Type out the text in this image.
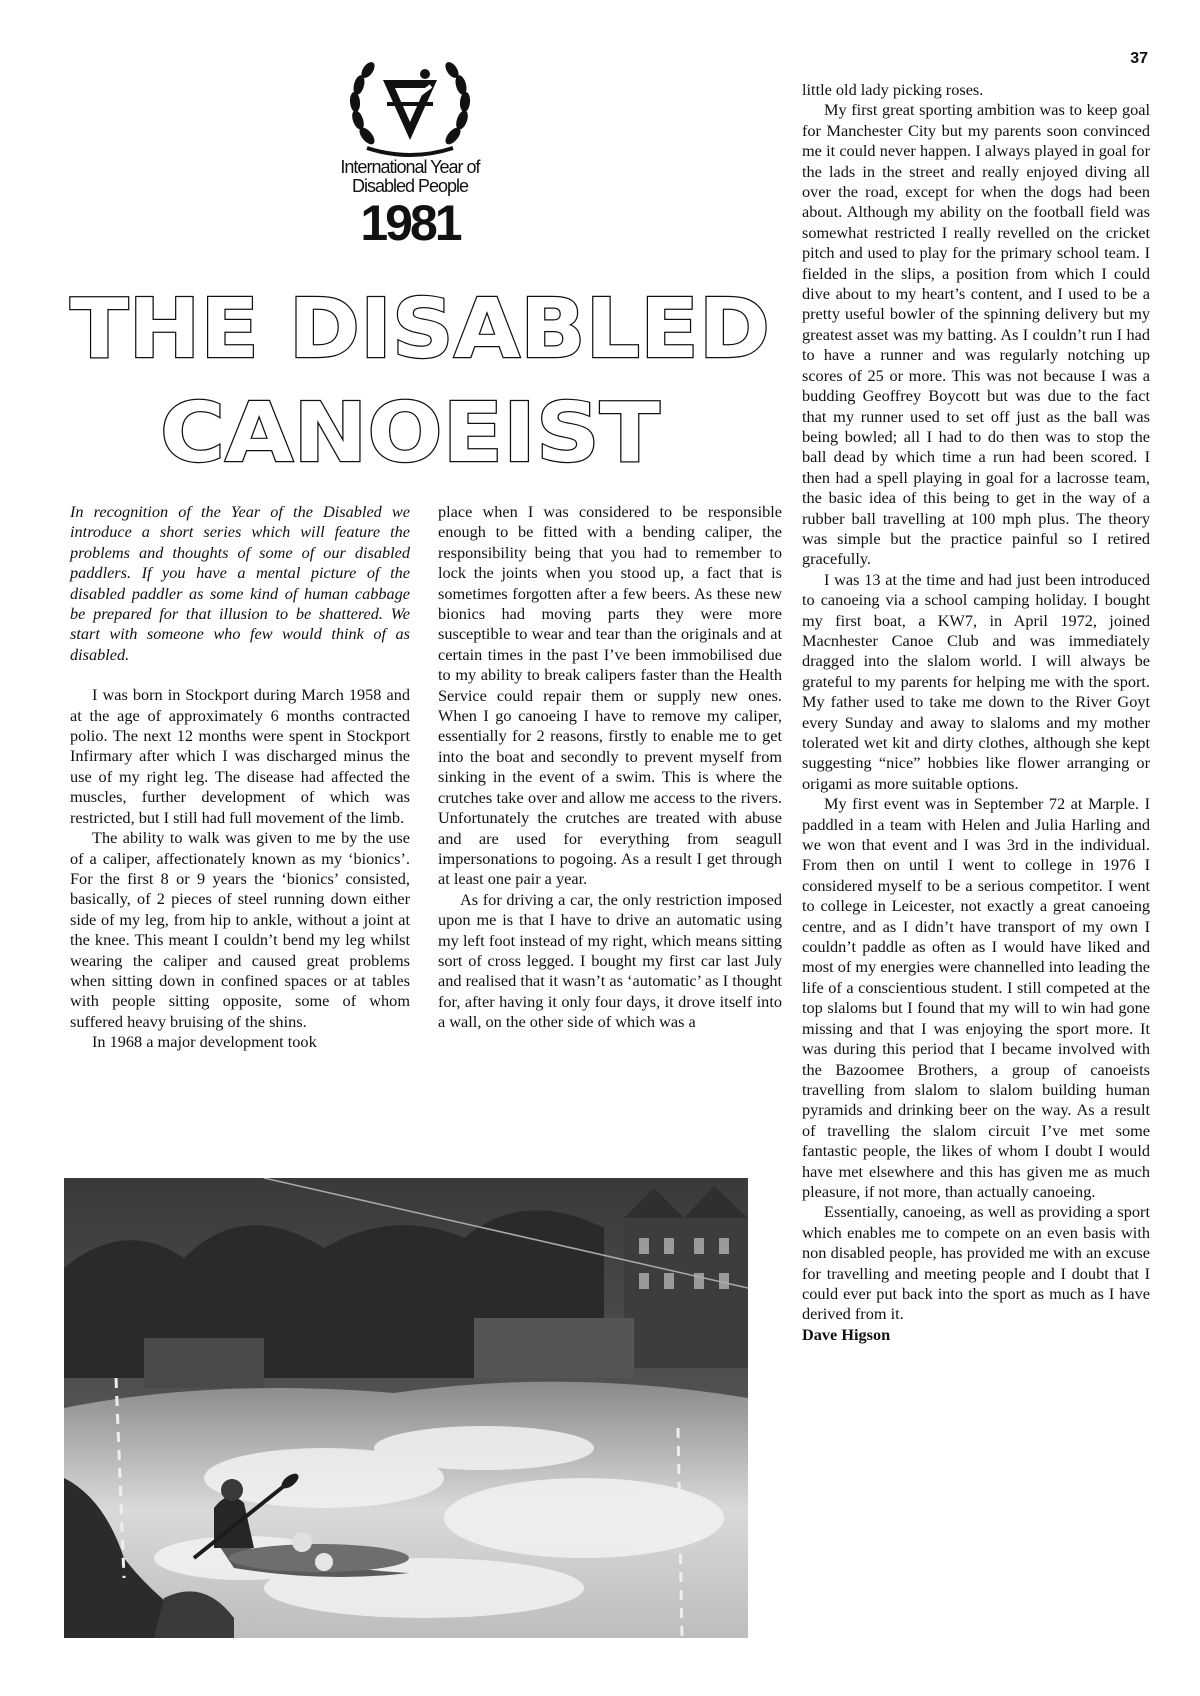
37
International Year of
Disabled People
1981
THE DISABLED
CANOEIST

In recognition of the Year of the Disabled we introduce a short series which will feature the problems and thoughts of some of our disabled paddlers. If you have a mental picture of the disabled paddler as some kind of human cabbage be prepared for that illusion to be shattered. We start with someone who few would think of as disabled.

I was born in Stockport during March 1958 and at the age of approximately 6 months contracted polio. The next 12 months were spent in Stockport Infirmary after which I was discharged minus the use of my right leg. The disease had affected the muscles, further development of which was restricted, but I still had full movement of the limb.

The ability to walk was given to me by the use of a caliper, affectionately known as my ‘bionics’. For the first 8 or 9 years the ‘bionics’ consisted, basically, of 2 pieces of steel running down either side of my leg, from hip to ankle, without a joint at the knee. This meant I couldn’t bend my leg whilst wearing the caliper and caused great problems when sitting down in confined spaces or at tables with people sitting opposite, some of whom suffered heavy bruising of the shins.

In 1968 a major development took

place when I was considered to be responsible enough to be fitted with a bending caliper, the responsibility being that you had to remember to lock the joints when you stood up, a fact that is sometimes forgotten after a few beers. As these new bionics had moving parts they were more susceptible to wear and tear than the originals and at certain times in the past I’ve been immobilised due to my ability to break calipers faster than the Health Service could repair them or supply new ones. When I go canoeing I have to remove my caliper, essentially for 2 reasons, firstly to enable me to get into the boat and secondly to prevent myself from sinking in the event of a swim. This is where the crutches take over and allow me access to the rivers. Unfortunately the crutches are treated with abuse and are used for everything from seagull impersonations to pogoing. As a result I get through at least one pair a year.

As for driving a car, the only restriction imposed upon me is that I have to drive an automatic using my left foot instead of my right, which means sitting sort of cross legged. I bought my first car last July and realised that it wasn’t as ‘automatic’ as I thought for, after having it only four days, it drove itself into a wall, on the other side of which was a

little old lady picking roses.

My first great sporting ambition was to keep goal for Manchester City but my parents soon convinced me it could never happen. I always played in goal for the lads in the street and really enjoyed diving all over the road, except for when the dogs had been about. Although my ability on the football field was somewhat restricted I really revelled on the cricket pitch and used to play for the primary school team. I fielded in the slips, a position from which I could dive about to my heart’s content, and I used to be a pretty useful bowler of the spinning delivery but my greatest asset was my batting. As I couldn’t run I had to have a runner and was regularly notching up scores of 25 or more. This was not because I was a budding Geoffrey Boycott but was due to the fact that my runner used to set off just as the ball was being bowled; all I had to do then was to stop the ball dead by which time a run had been scored. I then had a spell playing in goal for a lacrosse team, the basic idea of this being to get in the way of a rubber ball travelling at 100 mph plus. The theory was simple but the practice painful so I retired gracefully.

I was 13 at the time and had just been introduced to canoeing via a school camping holiday. I bought my first boat, a KW7, in April 1972, joined Macnhester Canoe Club and was immediately dragged into the slalom world. I will always be grateful to my parents for helping me with the sport. My father used to take me down to the River Goyt every Sunday and away to slaloms and my mother tolerated wet kit and dirty clothes, although she kept suggesting “nice” hobbies like flower arranging or origami as more suitable options.

My first event was in September 72 at Marple. I paddled in a team with Helen and Julia Harling and we won that event and I was 3rd in the individual. From then on until I went to college in 1976 I considered myself to be a serious competitor. I went to college in Leicester, not exactly a great canoeing centre, and as I didn’t have transport of my own I couldn’t paddle as often as I would have liked and most of my energies were channelled into leading the life of a conscientious student. I still competed at the top slaloms but I found that my will to win had gone missing and that I was enjoying the sport more. It was during this period that I became involved with the Bazoomee Brothers, a group of canoeists travelling from slalom to slalom building human pyramids and drinking beer on the way. As a result of travelling the slalom circuit I’ve met some fantastic people, the likes of whom I doubt I would have met elsewhere and this has given me as much pleasure, if not more, than actually canoeing.

Essentially, canoeing, as well as providing a sport which enables me to compete on an even basis with non disabled people, has provided me with an excuse for travelling and meeting people and I doubt that I could ever put back into the sport as much as I have derived from it.

Dave Higson
